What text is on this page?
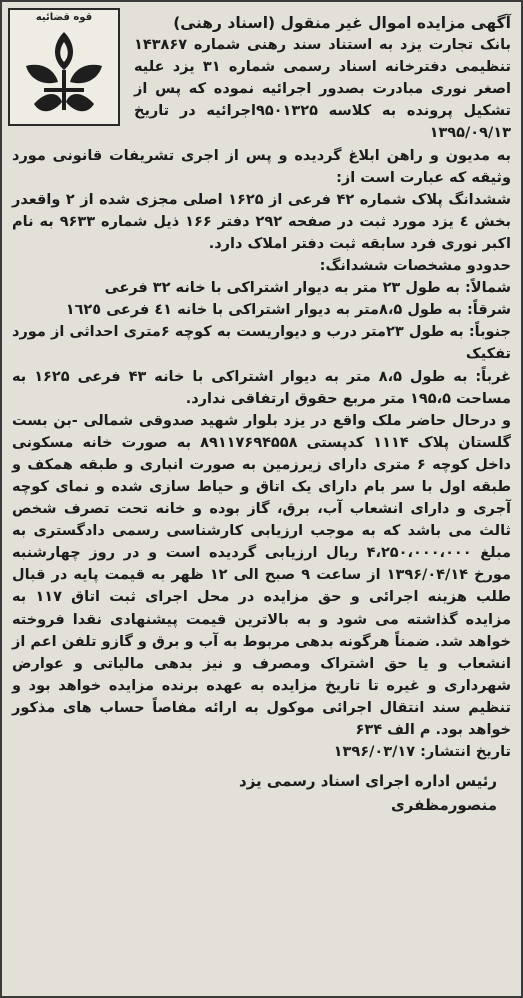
قوه قضائیه	آگهی مزایده اموال غیر منقول (اسناد رهنی)

بانک تجارت یزد به استناد سند رهنی شماره ۱۴۳۸۶۷ تنظیمی دفترخانه اسناد رسمی شماره ۳۱ یزد علیه اصغر نوری مبادرت بصدور اجرائیه نموده که پس از تشکیل پرونده به کلاسه ۹۵۰۱۳۲۵اجرائیه در تاریخ ۱۳۹۵/۰۹/۱۳

به مدیون و راهن ابلاغ گردیده و پس از اجری تشریفات قانونی مورد وثیقه که عبارت است از:

ششدانگ پلاک شماره ۴۲ فرعی از ۱۶۲۵ اصلی مجزی شده از ۲ واقعدر بخش ٤ یزد مورد ثبت در صفحه ۲۹۲ دفتر ۱۶۶ ذیل شماره ۹۶۳۳ به نام اکبر نوری فرد سابقه ثبت دفتر املاک دارد.

حدودو مشخصات ششدانگ:

شمالاً: به طول ۲۳ متر به دیوار اشتراکی با خانه ۳۲ فرعی

شرقاً: به طول ۸،۵متر به دیوار اشتراکی با خانه ٤١ فرعی ١٦٢٥

جنوباً: به طول ۲۳متر درب و دیواریست به کوچه ۶متری احداثی از مورد تفکیک

غرباً: به طول ۸،۵ متر به دیوار اشتراکی با خانه ۴۳ فرعی ۱۶۲۵ به مساحت ۱۹۵،۵ متر مربع حقوق ارتفاقی ندارد.

و درحال حاضر ملک واقع در یزد بلوار شهید صدوقی شمالی -بن بست گلستان پلاک ۱۱۱۴ کدپستی ۸۹۱۱۷۶۹۴۵۵۸ به صورت خانه مسکونی داخل کوچه ۶ متری دارای زیرزمین به صورت انباری و طبقه همکف و طبقه اول با سر بام دارای یک اتاق و حیاط سازی شده و نمای کوچه آجری و دارای انشعاب آب، برق، گاز بوده و خانه تحت تصرف شخص ثالث می باشد که به موجب ارزیابی کارشناسی رسمی دادگستری به مبلغ ۴،۲۵۰،۰۰۰،۰۰۰ ریال ارزیابی گردیده است و در روز چهارشنبه مورخ ۱۳۹۶/۰۴/۱۴ از ساعت ۹ صبح الی ۱۲ ظهر به قیمت پایه در قبال طلب هزینه اجرائی و حق مزایده در محل اجرای ثبت اتاق ۱۱۷ به مزایده گذاشته می شود و به بالاترین قیمت پیشنهادی نقدا فروخته خواهد شد. ضمناً هرگونه بدهی مربوط به آب و برق و گازو تلفن اعم از انشعاب و یا حق اشتراک ومصرف و نیز بدهی مالیاتی و عوارض شهرداری و غیره تا تاریخ مزایده به عهده برنده مزایده خواهد بود و تنظیم سند انتقال اجرائی موکول به ارائه مفاصاً حساب های مذکور خواهد بود. م الف ۶۳۴

تاریخ انتشار: ۱۳۹۶/۰۳/۱۷

رئیس اداره اجرای اسناد رسمی یزد

منصورمظفری
